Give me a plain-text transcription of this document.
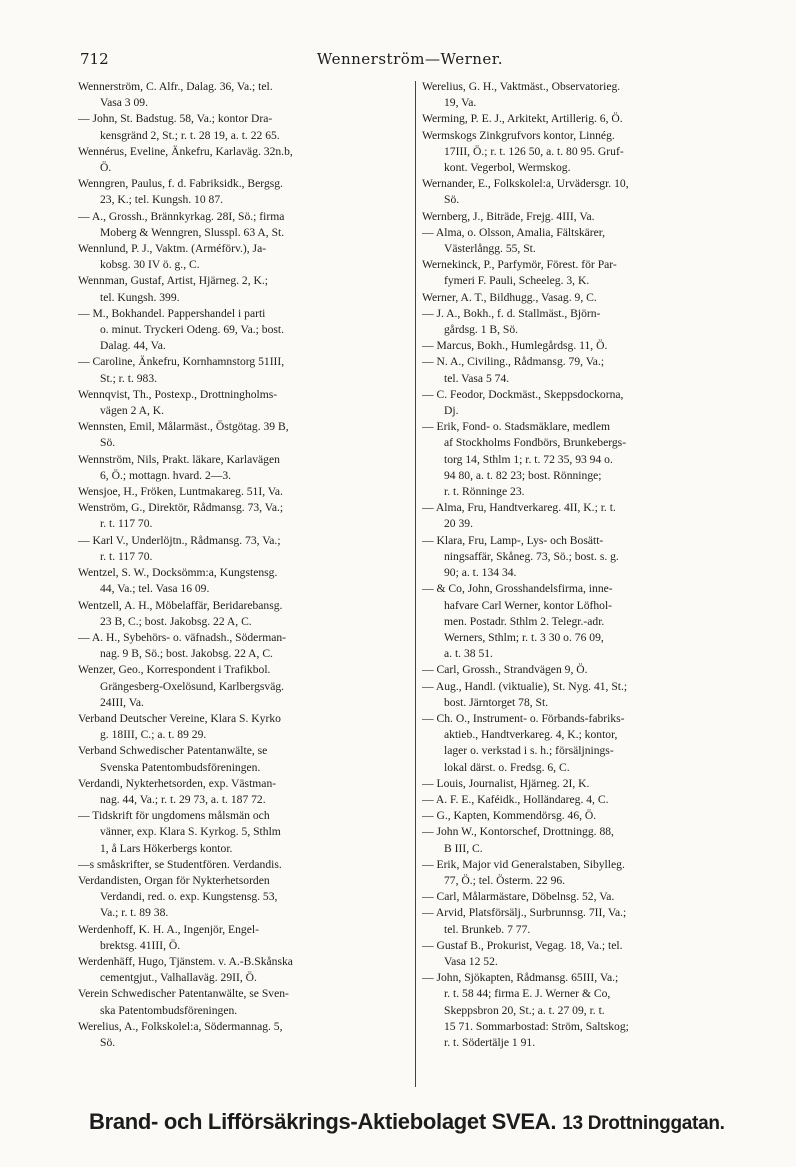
712	Wennerström—Werner.
Wennerström, C. Alfr., Dalag. 36, Va.; tel.
Vasa 3 09.
— John, St. Badstug. 58, Va.; kontor Dra-
kensgränd 2, St.; r. t. 28 19, a. t. 22 65.
Wennérus, Eveline, Änkefru, Karlaväg. 32n.b,
Ö.
Wenngren, Paulus, f. d. Fabriksidk., Bergsg.
23, K.; tel. Kungsh. 10 87.
— A., Grossh., Brännkyrkag. 28I, Sö.; firma
Moberg & Wenngren, Slusspl. 63 A, St.
Wennlund, P. J., Vaktm. (Arméförv.), Ja-
kobsg. 30 IV ö. g., C.
Wennman, Gustaf, Artist, Hjärneg. 2, K.;
tel. Kungsh. 399.
— M., Bokhandel. Pappershandel i parti
o. minut. Tryckeri Odeng. 69, Va.; bost.
Dalag. 44, Va.
— Caroline, Änkefru, Kornhamnstorg 51III,
St.; r. t. 983.
Wennqvist, Th., Postexp., Drottningholms-
vägen 2 A, K.
Wennsten, Emil, Målarmäst., Östgötag. 39 B,
Sö.
Wennström, Nils, Prakt. läkare, Karlavägen
6, Ö.; mottagn. hvard. 2—3.
Wensjoe, H., Fröken, Luntmakareg. 51I, Va.
Wenström, G., Direktör, Rådmansg. 73, Va.;
r. t. 117 70.
— Karl V., Underlöjtn., Rådmansg. 73, Va.;
r. t. 117 70.
Wentzel, S. W., Docksömm:a, Kungstensg.
44, Va.; tel. Vasa 16 09.
Wentzell, A. H., Möbelaffär, Beridarebansg.
23 B, C.; bost. Jakobsg. 22 A, C.
— A. H., Sybehörs- o. väfnadsh., Söderman-
nag. 9 B, Sö.; bost. Jakobsg. 22 A, C.
Wenzer, Geo., Korrespondent i Trafikbol.
Grängesberg-Oxelösund, Karlbergsväg.
24III, Va.
Verband Deutscher Vereine, Klara S. Kyrko
g. 18III, C.; a. t. 89 29.
Verband Schwedischer Patentanwälte, se
Svenska Patentombudsföreningen.
Verdandi, Nykterhetsorden, exp. Västman-
nag. 44, Va.; r. t. 29 73, a. t. 187 72.
— Tidskrift för ungdomens målsmän och
vänner, exp. Klara S. Kyrkog. 5, Sthlm
1, å Lars Hökerbergs kontor.
—s småskrifter, se Studentfören. Verdandis.
Verdandisten, Organ för Nykterhetsorden
Verdandi, red. o. exp. Kungstensg. 53,
Va.; r. t. 89 38.
Werdenhoff, K. H. A., Ingenjör, Engel-
brektsg. 41III, Ö.
Werdenhäff, Hugo, Tjänstem. v. A.-B.Skånska
cementgjut., Valhallaväg. 29II, Ö.
Verein Schwedischer Patentanwälte, se Sven-
ska Patentombudsföreningen.
Werelius, A., Folkskolel:a, Södermannag. 5,
Sö.
Werelius, G. H., Vaktmäst., Observatorieg.
19, Va.
Werming, P. E. J., Arkitekt, Artillerig. 6, Ö.
Wermskogs Zinkgrufvors kontor, Linnég.
17III, Ö.; r. t. 126 50, a. t. 80 95. Gruf-
kont. Vegerbol, Wermskog.
Wernander, E., Folkskolel:a, Urvädersgr. 10,
Sö.
Wernberg, J., Biträde, Frejg. 4III, Va.
— Alma, o. Olsson, Amalia, Fältskärer,
Västerlångg. 55, St.
Wernekinck, P., Parfymör, Förest. för Par-
fymeri F. Pauli, Scheeleg. 3, K.
Werner, A. T., Bildhugg., Vasag. 9, C.
— J. A., Bokh., f. d. Stallmäst., Björn-
gårdsg. 1 B, Sö.
— Marcus, Bokh., Humlegårdsg. 11, Ö.
— N. A., Civiling., Rådmansg. 79, Va.;
tel. Vasa 5 74.
— C. Feodor, Dockmäst., Skeppsdockorna,
Dj.
— Erik, Fond- o. Stadsmäklare, medlem
af Stockholms Fondbörs, Brunkebergs-
torg 14, Sthlm 1; r. t. 72 35, 93 94 o.
94 80, a. t. 82 23; bost. Rönninge;
r. t. Rönninge 23.
— Alma, Fru, Handtverkareg. 4II, K.; r. t.
20 39.
— Klara, Fru, Lamp-, Lys- och Bosätt-
ningsaffär, Skåneg. 73, Sö.; bost. s. g.
90; a. t. 134 34.
— & Co, John, Grosshandelsfirma, inne-
hafvare Carl Werner, kontor Löfhol-
men. Postadr. Sthlm 2. Telegr.-adr.
Werners, Sthlm; r. t. 3 30 o. 76 09,
a. t. 38 51.
— Carl, Grossh., Strandvägen 9, Ö.
— Aug., Handl. (viktualie), St. Nyg. 41, St.;
bost. Järntorget 78, St.
— Ch. O., Instrument- o. Förbands-fabriks-
aktieb., Handtverkareg. 4, K.; kontor,
lager o. verkstad i s. h.; försäljnings-
lokal därst. o. Fredsg. 6, C.
— Louis, Journalist, Hjärneg. 2I, K.
— A. F. E., Kaféidk., Holländareg. 4, C.
— G., Kapten, Kommendörsg. 46, Ö.
— John W., Kontorschef, Drottningg. 88,
B III, C.
— Erik, Major vid Generalstaben, Sibylleg.
77, Ö.; tel. Österm. 22 96.
— Carl, Målarmästare, Döbelnsg. 52, Va.
— Arvid, Platsförsälj., Surbrunnsg. 7II, Va.;
tel. Brunkeb. 7 77.
— Gustaf B., Prokurist, Vegag. 18, Va.; tel.
Vasa 12 52.
— John, Sjökapten, Rådmansg. 65III, Va.;
r. t. 58 44; firma E. J. Werner & Co,
Skeppsbron 20, St.; a. t. 27 09, r. t.
15 71. Sommarbostad: Ström, Saltskog;
r. t. Södertälje 1 91.
Brand- och Lifförsäkrings-Aktiebolaget SVEA. 13 Drottninggatan.
